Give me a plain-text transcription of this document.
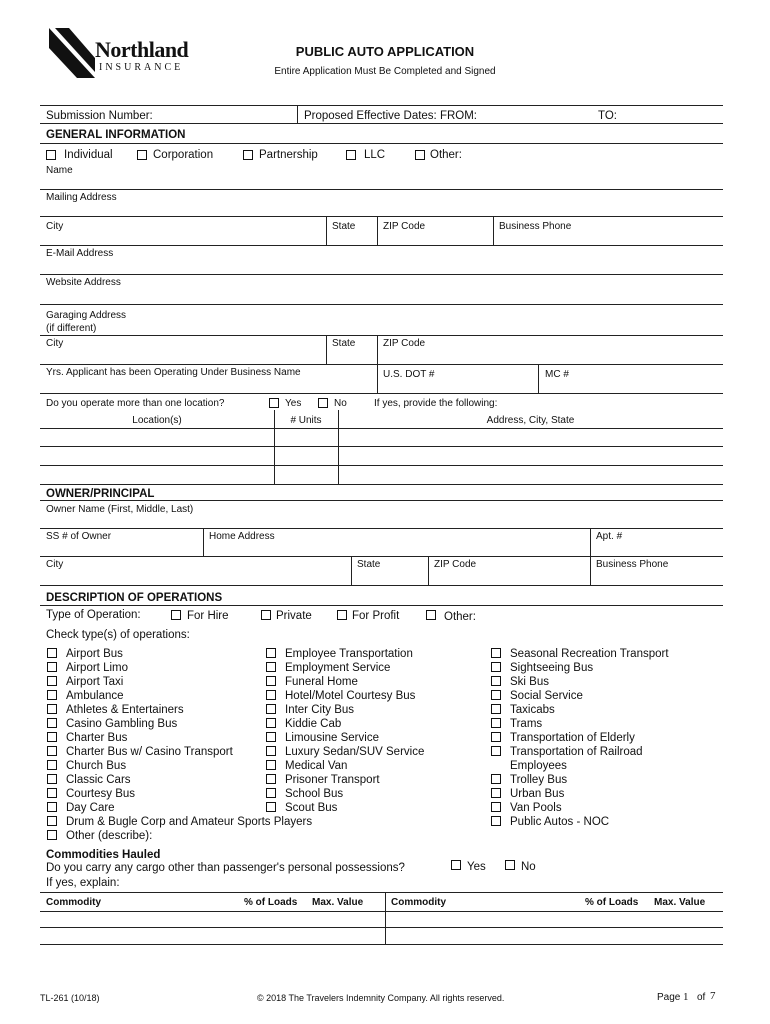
Northland
INSURANCE
PUBLIC AUTO APPLICATION
Entire Application Must Be Completed and Signed
Submission Number:	Proposed Effective Dates: FROM:	TO:
GENERAL INFORMATION
Individual	Corporation	Partnership	LLC	Other:
Name
Mailing Address
City	State	ZIP Code	Business Phone
E-Mail Address
Website Address
Garaging Address
(if different)
City	State	ZIP Code
Yrs. Applicant has been Operating Under Business Name	U.S. DOT #	MC #
Do you operate more than one location?	Yes	No	If yes, provide the following:
Location(s)	# Units	Address, City, State
OWNER/PRINCIPAL
Owner Name (First, Middle, Last)
SS # of Owner	Home Address	Apt. #
City	State	ZIP Code	Business Phone
DESCRIPTION OF OPERATIONS
Type of Operation:	For Hire	Private	For Profit	Other:
Check type(s) of operations:
Airport Bus
Airport Limo
Airport Taxi
Ambulance
Athletes & Entertainers
Casino Gambling Bus
Charter Bus
Charter Bus w/ Casino Transport
Church Bus
Classic Cars
Courtesy Bus
Day Care
Drum & Bugle Corp and Amateur Sports Players
Other (describe):
Employee Transportation
Employment Service
Funeral Home
Hotel/Motel Courtesy Bus
Inter City Bus
Kiddie Cab
Limousine Service
Luxury Sedan/SUV Service
Medical Van
Prisoner Transport
School Bus
Scout Bus
Seasonal Recreation Transport
Sightseeing Bus
Ski Bus
Social Service
Taxicabs
Trams
Transportation of Elderly
Transportation of Railroad
Employees
Trolley Bus
Urban Bus
Van Pools
Public Autos - NOC
Commodities Hauled
Do you carry any cargo other than passenger's personal possessions?	Yes	No
If yes, explain:
Commodity	% of Loads Max. Value	Commodity	% of Loads Max. Value
TL-261 (10/18)	© 2018 The Travelers Indemnity Company. All rights reserved.	Page 1 of 7
